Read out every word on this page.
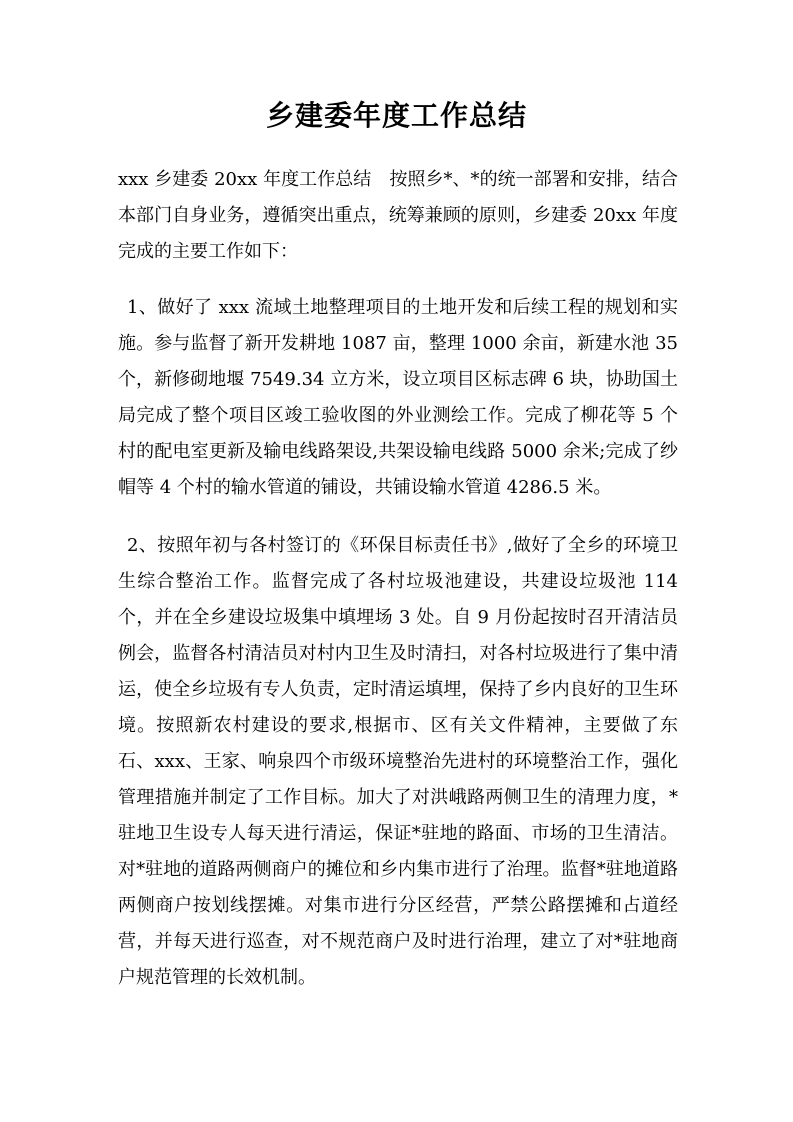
乡建委年度工作总结

xxx 乡建委 20xx 年度工作总结　按照乡*、*的统一部署和安排，结合本部门自身业务，遵循突出重点，统筹兼顾的原则，乡建委 20xx 年度完成的主要工作如下：

1、做好了 xxx 流域土地整理项目的土地开发和后续工程的规划和实施。参与监督了新开发耕地 1087 亩，整理 1000 余亩，新建水池 35 个，新修砌地堰 7549.34 立方米，设立项目区标志碑 6 块，协助国土局完成了整个项目区竣工验收图的外业测绘工作。完成了柳花等 5 个村的配电室更新及输电线路架设,共架设输电线路 5000 余米;完成了纱帽等 4 个村的输水管道的铺设，共铺设输水管道 4286.5 米。

2、按照年初与各村签订的《环保目标责任书》,做好了全乡的环境卫生综合整治工作。监督完成了各村垃圾池建设，共建设垃圾池 114 个，并在全乡建设垃圾集中填埋场 3 处。自 9 月份起按时召开清洁员例会，监督各村清洁员对村内卫生及时清扫，对各村垃圾进行了集中清运，使全乡垃圾有专人负责，定时清运填埋，保持了乡内良好的卫生环境。按照新农村建设的要求,根据市、区有关文件精神，主要做了东石、xxx、王家、响泉四个市级环境整治先进村的环境整治工作，强化管理措施并制定了工作目标。加大了对洪峨路两侧卫生的清理力度，*驻地卫生设专人每天进行清运，保证*驻地的路面、市场的卫生清洁。对*驻地的道路两侧商户的摊位和乡内集市进行了治理。监督*驻地道路两侧商户按划线摆摊。对集市进行分区经营，严禁公路摆摊和占道经营，并每天进行巡查，对不规范商户及时进行治理，建立了对*驻地商户规范管理的长效机制。
